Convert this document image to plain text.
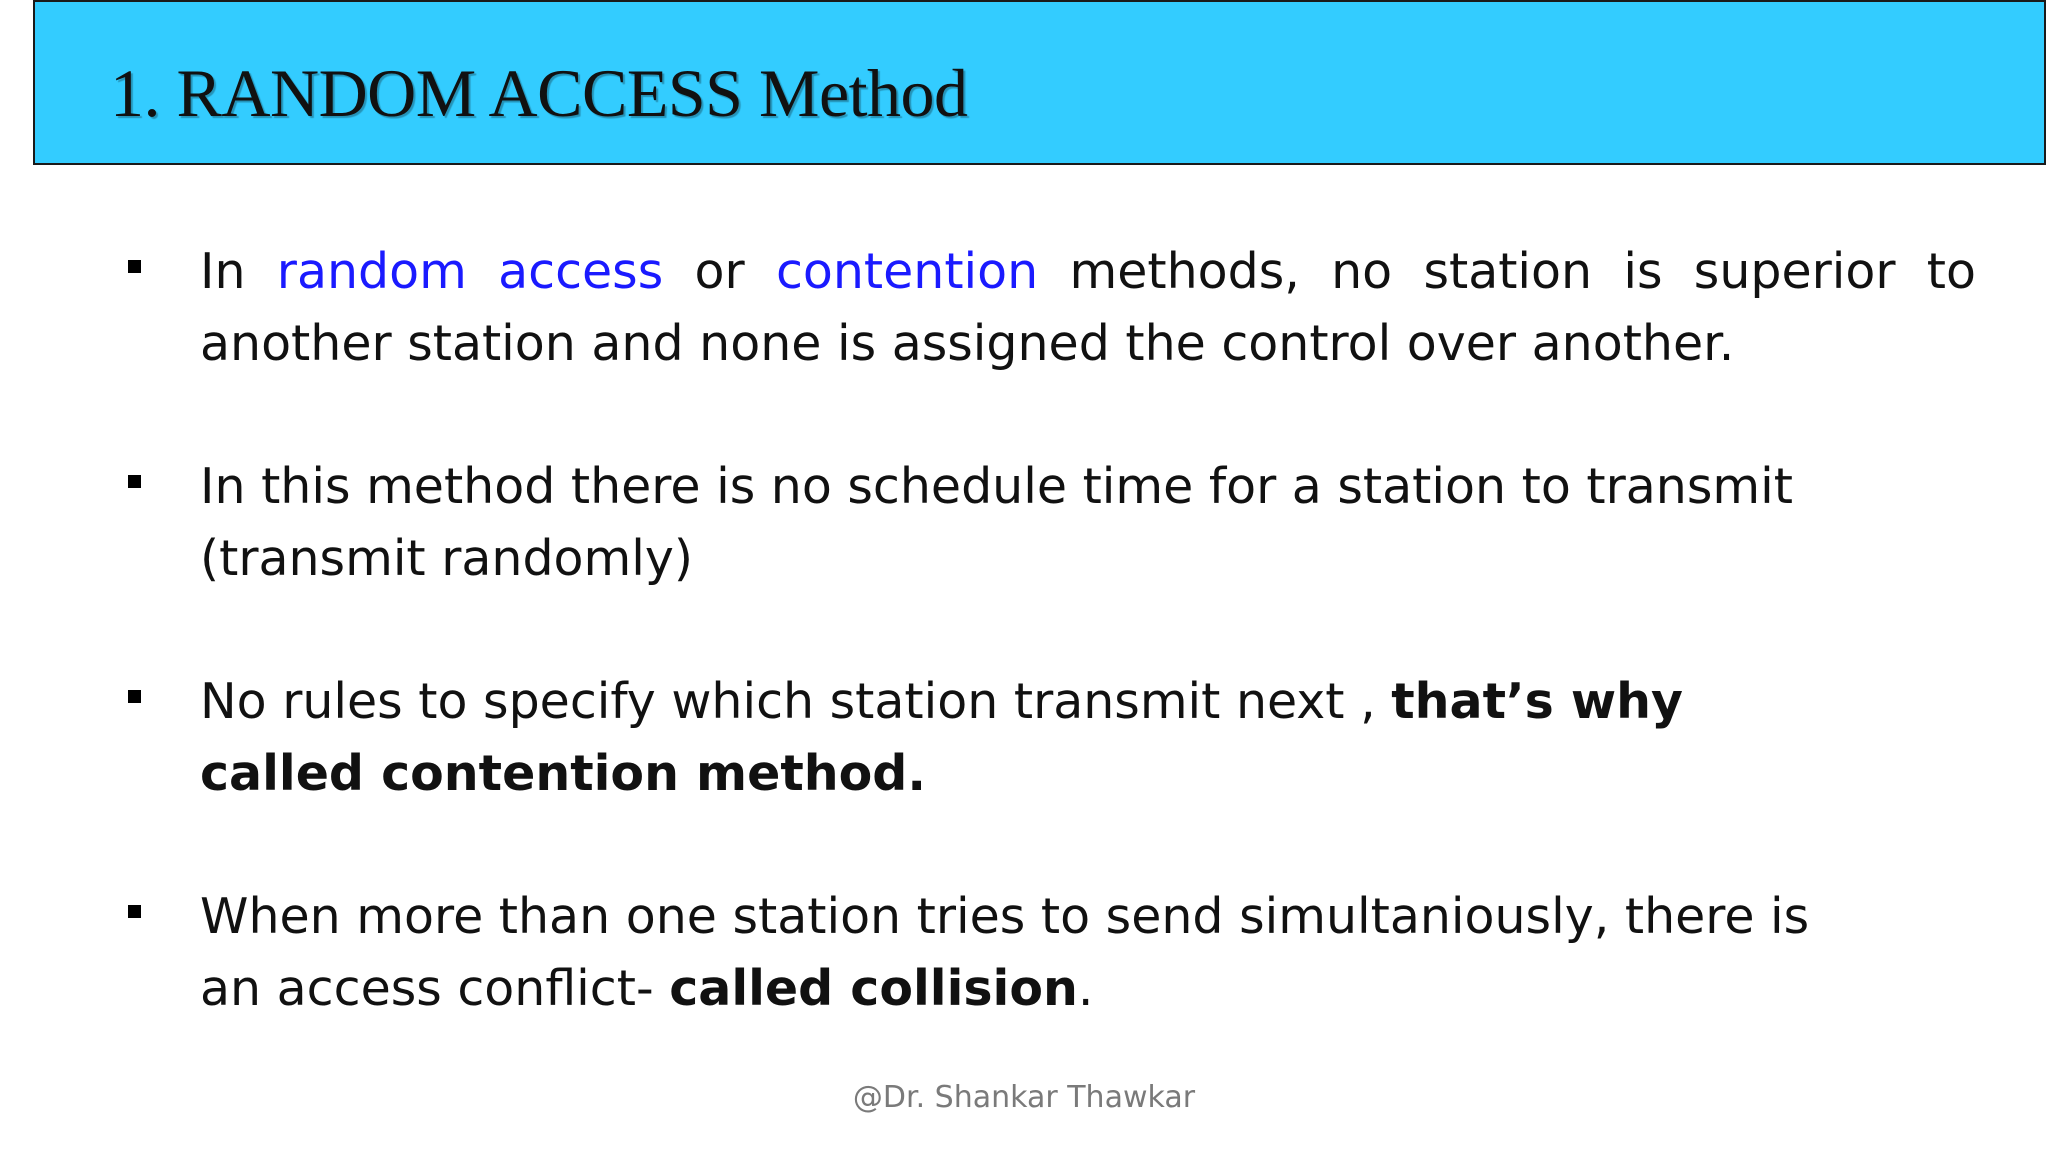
1. RANDOM ACCESS Method
In random access or contention methods, no station is superior to another station and none is assigned the control over another.
In this method there is no schedule time for a station to transmit (transmit randomly)
No rules to specify which station transmit next , that’s why called contention method.
When more than one station tries to send simultaniously, there is an access conflict- called collision.
@Dr. Shankar Thawkar
